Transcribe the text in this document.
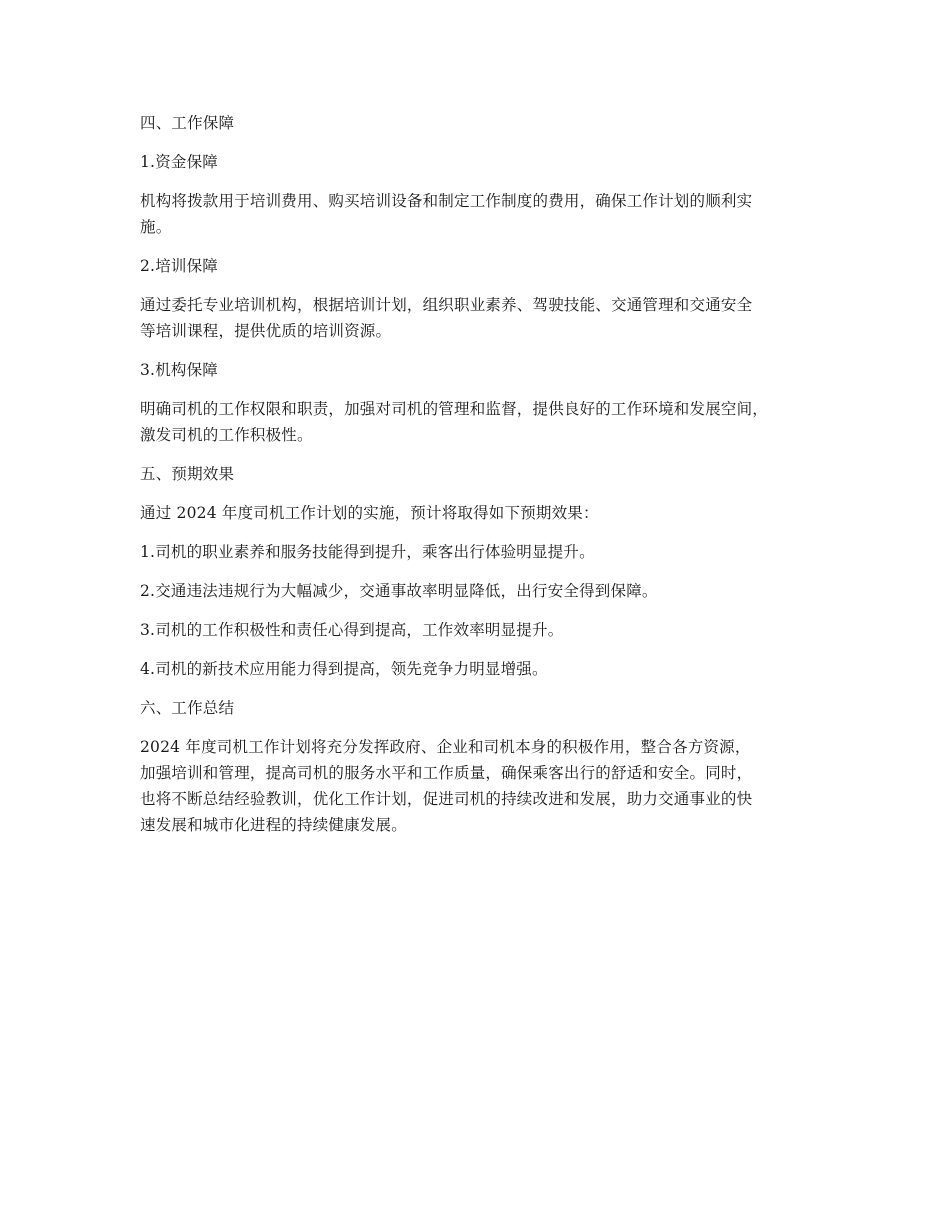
四、工作保障

1.资金保障

机构将拨款用于培训费用、购买培训设备和制定工作制度的费用，确保工作计划的顺利实
施。

2.培训保障

通过委托专业培训机构，根据培训计划，组织职业素养、驾驶技能、交通管理和交通安全
等培训课程，提供优质的培训资源。

3.机构保障

明确司机的工作权限和职责，加强对司机的管理和监督，提供良好的工作环境和发展空间，
激发司机的工作积极性。

五、预期效果

通过 2024 年度司机工作计划的实施，预计将取得如下预期效果：

1.司机的职业素养和服务技能得到提升，乘客出行体验明显提升。

2.交通违法违规行为大幅减少，交通事故率明显降低，出行安全得到保障。

3.司机的工作积极性和责任心得到提高，工作效率明显提升。

4.司机的新技术应用能力得到提高，领先竞争力明显增强。

六、工作总结

2024 年度司机工作计划将充分发挥政府、企业和司机本身的积极作用，整合各方资源，
加强培训和管理，提高司机的服务水平和工作质量，确保乘客出行的舒适和安全。同时，
也将不断总结经验教训，优化工作计划，促进司机的持续改进和发展，助力交通事业的快
速发展和城市化进程的持续健康发展。
